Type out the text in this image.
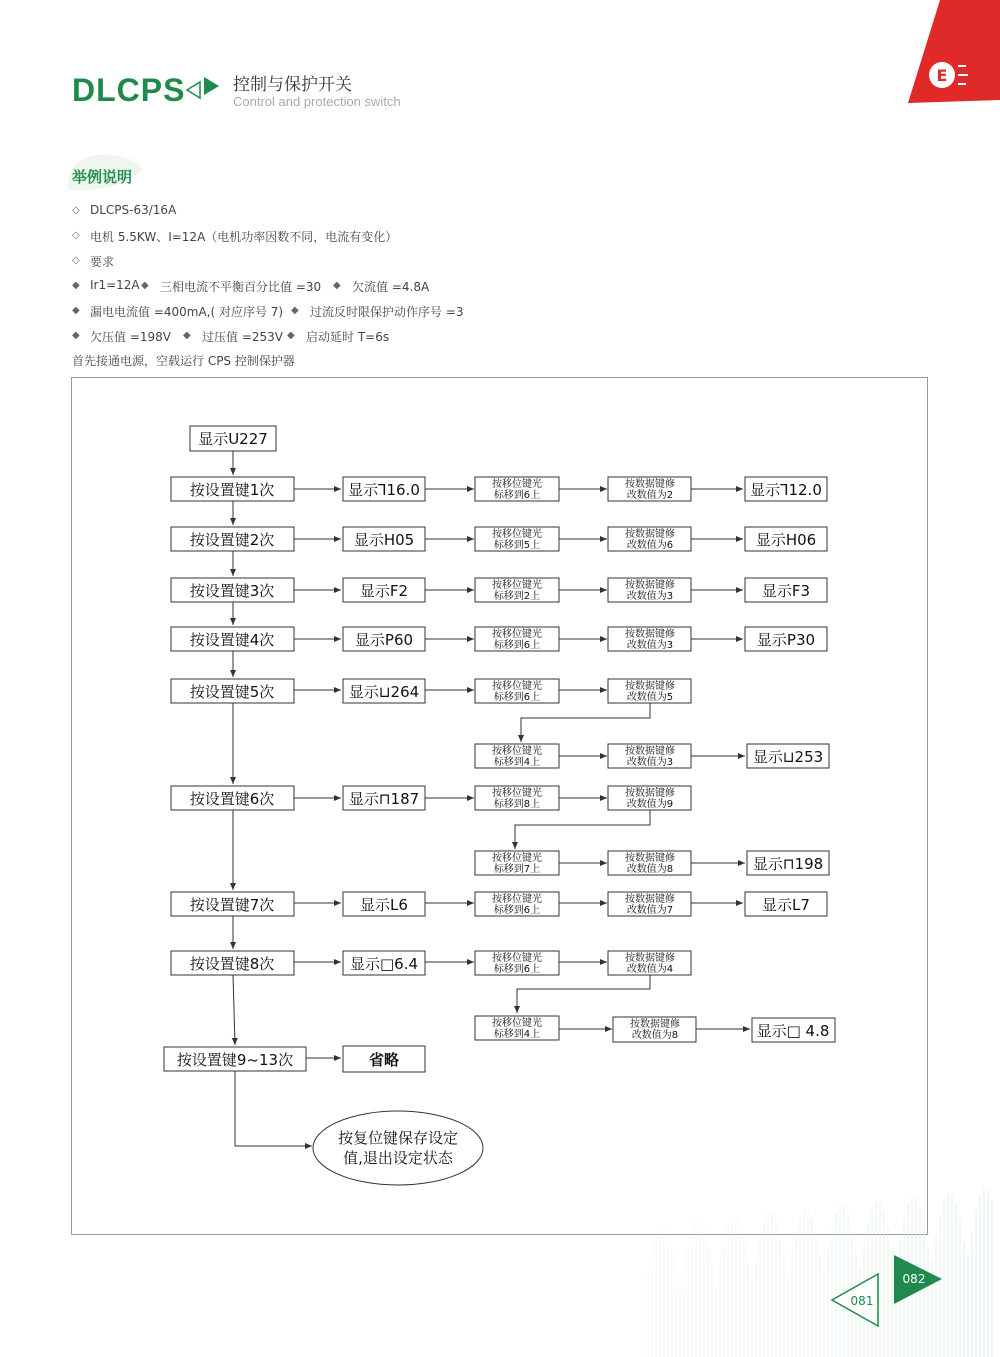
DLCPS	控制与保护开关
Control and protection switch
E
举例说明
◇ DLCPS-63/16A
◇ 电机 5.5KW、I=12A（电机功率因数不同，电流有变化）
◇ 要求
◆ Ir1=12A ◆ 三相电流不平衡百分比值 =30 ◆ 欠流值 =4.8A
◆ 漏电电流值 =400mA,( 对应序号 7) ◆ 过流反时限保护动作序号 =3
◆ 欠压值 =198V ◆ 过压值 =253V ◆ 启动延时 T=6s
首先接通电源，空载运行 CPS 控制保护器
显示U227
按设置键1次
按设置键2次
按设置键3次
按设置键4次
按设置键5次
按设置键6次
按设置键7次
按设置键8次
按设置键9~13次
显示⅂16.0
显示H05
显示F2
显示P60
显示⊔264
显示⊓187
显示L6
显示□6.4
省略
按移位键光
标移到6上
按移位键光
标移到5上
按移位键光
标移到2上
按移位键光
标移到6上
按移位键光
标移到6上
按移位键光
标移到4上
按移位键光
标移到8上
按移位键光
标移到7上
按移位键光
标移到6上
按移位键光
标移到6上
按移位键光
标移到4上
按数据键修
改数值为2
按数据键修
改数值为6
按数据键修
改数值为3
按数据键修
改数值为3
按数据键修
改数值为5
按数据键修
改数值为3
按数据键修
改数值为9
按数据键修
改数值为8
按数据键修
改数值为7
按数据键修
改数值为4
按数据键修
改数值为8
显示⅂12.0
显示H06
显示F3
显示P30
显示⊔253
显示⊓198
显示L7
显示□ 4.8
按复位键保存设定
值,退出设定状态
081
082
